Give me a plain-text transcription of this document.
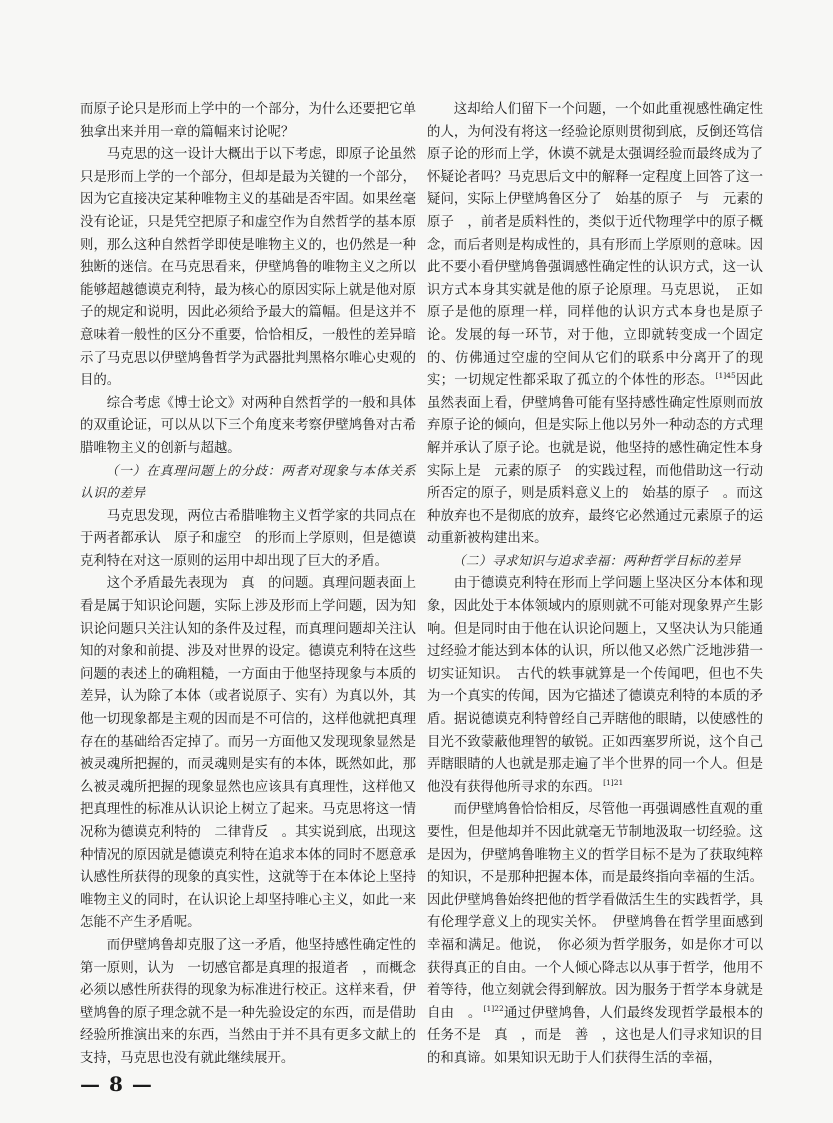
而原子论只是形而上学中的一个部分，为什么还要把它单独拿出来并用一章的篇幅来讨论呢？

马克思的这一设计大概出于以下考虑，即原子论虽然只是形而上学的一个部分，但却是最为关键的一个部分，因为它直接决定某种唯物主义的基础是否牢固。如果丝毫没有论证，只是凭空把原子和虚空作为自然哲学的基本原则，那么这种自然哲学即使是唯物主义的，也仍然是一种独断的迷信。在马克思看来，伊壁鸠鲁的唯物主义之所以能够超越德谟克利特，最为核心的原因实际上就是他对原子的规定和说明，因此必须给予最大的篇幅。但是这并不意味着一般性的区分不重要，恰恰相反，一般性的差异暗示了马克思以伊壁鸠鲁哲学为武器批判黑格尔唯心史观的目的。

综合考虑《博士论文》对两种自然哲学的一般和具体的双重论证，可以从以下三个角度来考察伊壁鸠鲁对古希腊唯物主义的创新与超越。

（一）在真理问题上的分歧：两者对现象与本体关系认识的差异

马克思发现，两位古希腊唯物主义哲学家的共同点在于两者都承认　原子和虚空　的形而上学原则，但是德谟克利特在对这一原则的运用中却出现了巨大的矛盾。

这个矛盾最先表现为　真　的问题。真理问题表面上看是属于知识论问题，实际上涉及形而上学问题，因为知识论问题只关注认知的条件及过程，而真理问题却关注认知的对象和前提、涉及对世界的设定。德谟克利特在这些问题的表述上的确粗糙，一方面由于他坚持现象与本质的差异，认为除了本体（或者说原子、实有）为真以外，其他一切现象都是主观的因而是不可信的，这样他就把真理存在的基础给否定掉了。而另一方面他又发现现象显然是被灵魂所把握的，而灵魂则是实有的本体，既然如此，那么被灵魂所把握的现象显然也应该具有真理性，这样他又把真理性的标准从认识论上树立了起来。马克思将这一情况称为德谟克利特的　二律背反　。其实说到底，出现这种情况的原因就是德谟克利特在追求本体的同时不愿意承认感性所获得的现象的真实性，这就等于在本体论上坚持唯物主义的同时，在认识论上却坚持唯心主义，如此一来怎能不产生矛盾呢。

而伊壁鸠鲁却克服了这一矛盾，他坚持感性确定性的第一原则，认为　一切感官都是真理的报道者　，而概念必须以感性所获得的现象为标准进行校正。这样来看，伊壁鸠鲁的原子理念就不是一种先验设定的东西，而是借助经验所推演出来的东西，当然由于并不具有更多文献上的支持，马克思也没有就此继续展开。

这却给人们留下一个问题，一个如此重视感性确定性的人，为何没有将这一经验论原则贯彻到底，反倒还笃信原子论的形而上学，休谟不就是太强调经验而最终成为了怀疑论者吗？马克思后文中的解释一定程度上回答了这一疑问，实际上伊壁鸠鲁区分了　始基的原子　与　元素的原子　，前者是质料性的，类似于近代物理学中的原子概念，而后者则是构成性的，具有形而上学原则的意味。因此不要小看伊壁鸠鲁强调感性确定性的认识方式，这一认识方式本身其实就是他的原子论原理。马克思说，　正如原子是他的原理一样，同样他的认识方式本身也是原子论。发展的每一环节，对于他，立即就转变成一个固定的、仿佛通过空虚的空间从它们的联系中分离开了的现实；一切规定性都采取了孤立的个体性的形态。 $^{[1]45}$因此虽然表面上看，伊壁鸠鲁可能有坚持感性确定性原则而放弃原子论的倾向，但是实际上他以另外一种动态的方式理解并承认了原子论。也就是说，他坚持的感性确定性本身实际上是　元素的原子　的实践过程，而他借助这一行动所否定的原子，则是质料意义上的　始基的原子　。而这种放弃也不是彻底的放弃，最终它必然通过元素原子的运动重新被构建出来。

（二）寻求知识与追求幸福：两种哲学目标的差异

由于德谟克利特在形而上学问题上坚决区分本体和现象，因此处于本体领域内的原则就不可能对现象界产生影响。但是同时由于他在认识论问题上，又坚决认为只能通过经验才能达到本体的认识，所以他又必然广泛地涉猎一切实证知识。　古代的轶事就算是一个传闻吧，但也不失为一个真实的传闻，因为它描述了德谟克利特的本质的矛盾。据说德谟克利特曾经自己弄瞎他的眼睛，以使感性的目光不致蒙蔽他理智的敏锐。正如西塞罗所说，这个自己弄瞎眼睛的人也就是那走遍了半个世界的同一个人。但是他没有获得他所寻求的东西。 $^{[1]21}$

而伊壁鸠鲁恰恰相反，尽管他一再强调感性直观的重要性，但是他却并不因此就毫无节制地汲取一切经验。这是因为，伊壁鸠鲁唯物主义的哲学目标不是为了获取纯粹的知识，不是那种把握本体，而是最终指向幸福的生活。因此伊壁鸠鲁始终把他的哲学看做活生生的实践哲学，具有伦理学意义上的现实关怀。　伊壁鸠鲁在哲学里面感到幸福和满足。他说，　你必须为哲学服务，如是你才可以获得真正的自由。一个人倾心降志以从事于哲学，他用不着等待，他立刻就会得到解放。因为服务于哲学本身就是自由　。 $^{[1]22}$通过伊壁鸠鲁，人们最终发现哲学最根本的任务不是　真　，而是　善　，这也是人们寻求知识的目的和真谛。如果知识无助于人们获得生活的幸福，

— 8 —
